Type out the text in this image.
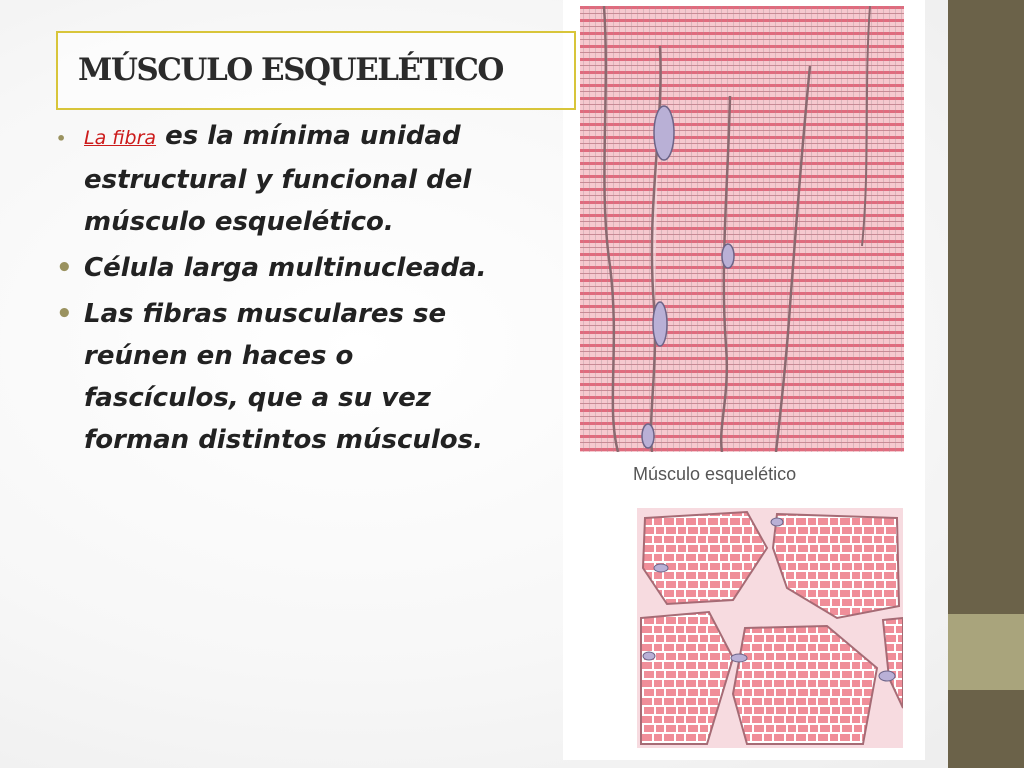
MÚSCULO ESQUELÉTICO
• La fibra es la mínima unidad estructural y funcional del músculo esquelético.
• Célula larga multinucleada.
• Las fibras musculares se reúnen en haces o fascículos, que a su vez forman distintos músculos.
Músculo esquelético
